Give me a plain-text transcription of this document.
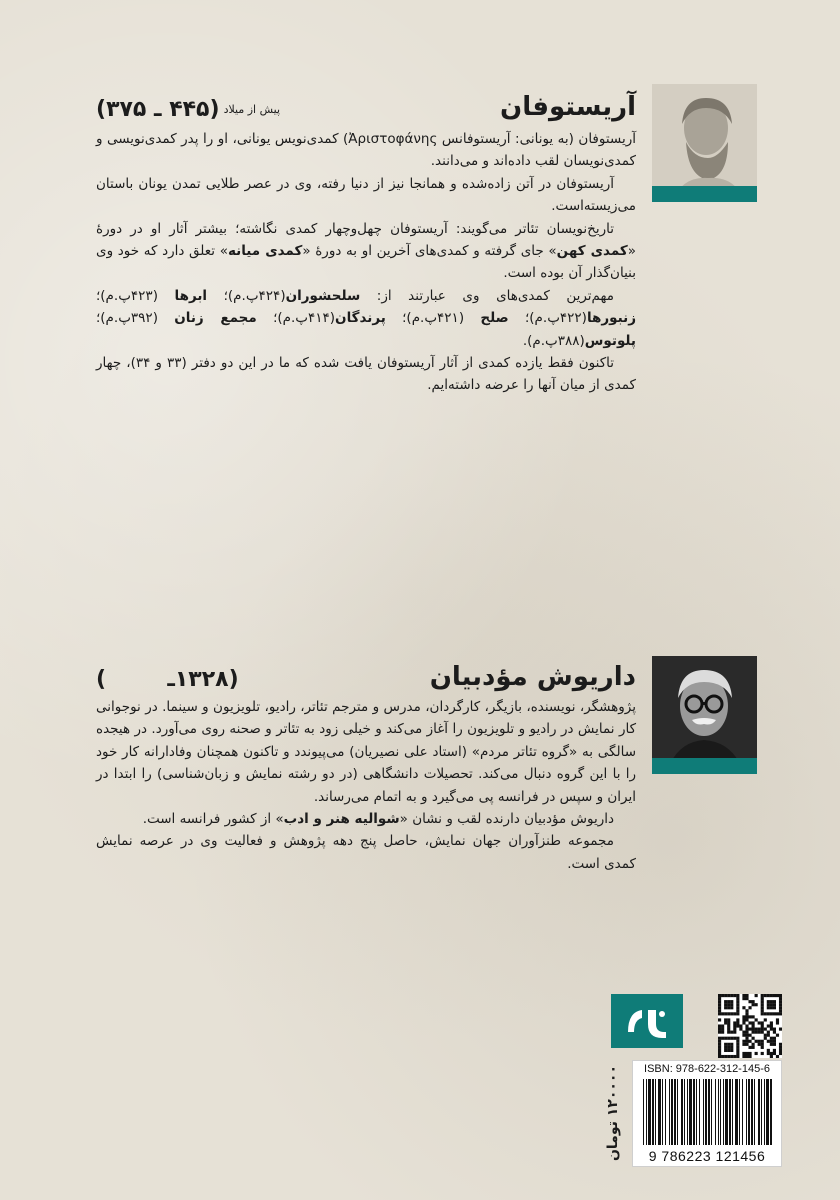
آریستوفان
پیش از میلاد
(۴۴۵ ـ ۳۷۵)

آریستوفان (به یونانی: آریستوفانس Ἀριστοφάνης) کمدی‌نویس یونانی، او را پدر کمدی‌نویسی و کمدی‌نویسان لقب داده‌اند و می‌دانند.

آریستوفان در آتن زاده‌شده و همانجا نیز از دنیا رفته، وی در عصر طلایی تمدن یونان باستان می‌زیسته‌است.

تاریخ‌نویسان تئاتر می‌گویند: آریستوفان چهل‌وچهار کمدی نگاشته؛ بیشتر آثار او در دورهٔ «کمدی کهن» جای گرفته و کمدی‌های آخرین او به دورهٔ «کمدی میانه» تعلق دارد که خود وی بنیان‌گذار آن بوده است.

مهم‌ترین کمدی‌های وی عبارتند از: سلحشوران(۴۲۴پ.م)؛ ابرها (۴۲۳پ.م)؛ زنبورها(۴۲۲پ.م)؛ صلح (۴۲۱پ.م)؛ پرندگان(۴۱۴پ.م)؛ مجمع زنان (۳۹۲پ.م)؛ پلوتوس(۳۸۸پ.م).

تاکنون فقط یازده کمدی از آثار آریستوفان یافت شده که ما در این دو دفتر (۳۳ و ۳۴)، چهار کمدی از میان آنها را عرضه داشته‌ایم.

داریوش مؤدبیان
(۱۳۲۸ـ        )

پژوهشگر، نویسنده، بازیگر، کارگردان، مدرس و مترجم تئاتر، رادیو، تلویزیون و سینما. در نوجوانی کار نمایش در رادیو و تلویزیون را آغاز می‌کند و خیلی زود به تئاتر و صحنه روی می‌آورد. در هیجده سالگی به «گروه تئاتر مردم» (استاد علی نصیریان) می‌پیوندد و تاکنون همچنان وفادارانه کار خود را با این گروه دنبال می‌کند. تحصیلات دانشگاهی (در دو رشته نمایش و زبان‌شناسی) را ابتدا در ایران و سپس در فرانسه پی می‌گیرد و به اتمام می‌رساند.

داریوش مؤدبیان دارنده لقب و نشان «شوالیه هنر و ادب» از کشور فرانسه است.

مجموعه طنزآوران جهان نمایش، حاصل پنج دهه پژوهش و فعالیت وی در عرصه نمایش کمدی است.

۱۲۰۰۰۰ تومان	ISBN: 978-622-312-145-6
9 786223 121456
